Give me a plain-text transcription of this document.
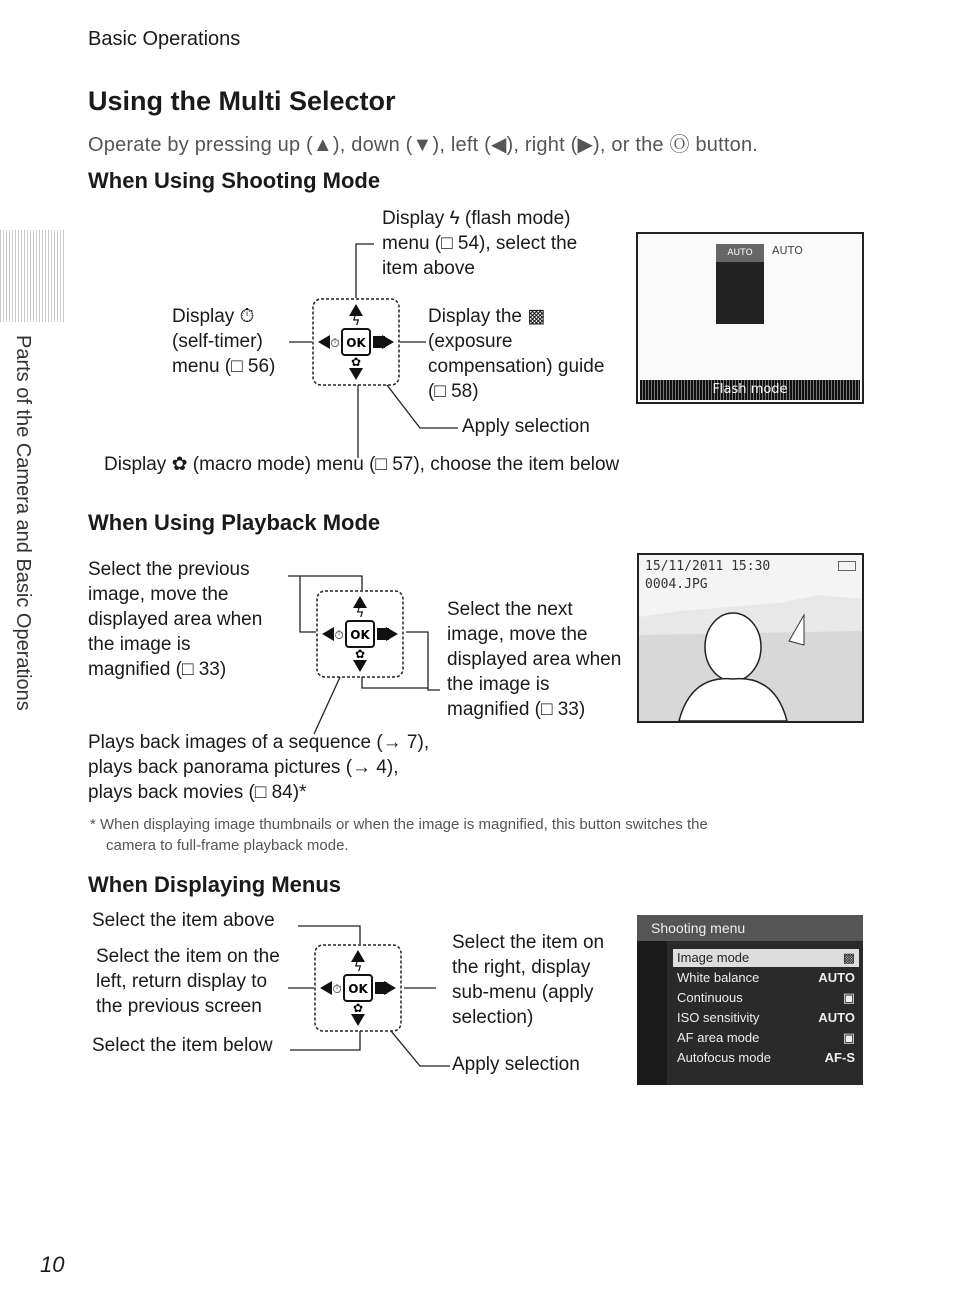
Basic Operations
Parts of the Camera and Basic Operations
Using the Multi Selector
Operate by pressing up (▲), down (▼), left (◀), right (▶), or the Ⓞ button.
When Using Shooting Mode
Display ϟ (flash mode)
menu (□ 54), select the
item above
Display ⏱
(self-timer)
menu (□ 56)
Display the ▩
(exposure
compensation) guide
(□ 58)
Apply selection
Display ✿ (macro mode) menu (□ 57), choose the item below
OK
ϟ
✿
⏱
AUTO	AUTO
Flash mode
When Using Playback Mode
Select the previous
image, move the
displayed area when
the image is
magnified (□ 33)
Select the next
image, move the
displayed area when
the image is
magnified (□ 33)
Plays back images of a sequence (→ 7),
plays back panorama pictures (→ 4),
plays back movies (□ 84)*
OK
ϟ
✿
⏱
15/11/2011 15:30
0004.JPG
* When displaying image thumbnails or when the image is magnified, this button switches the
camera to full-frame playback mode.
When Displaying Menus
Select the item above
Select the item on the
left, return display to
the previous screen
Select the item below
Select the item on
the right, display
sub-menu (apply
selection)
Apply selection
OK
ϟ
✿
⏱
Shooting menu
Image mode	▩
White balance	AUTO
Continuous	▣
ISO sensitivity	AUTO
AF area mode	▣
Autofocus mode	AF-S
10
